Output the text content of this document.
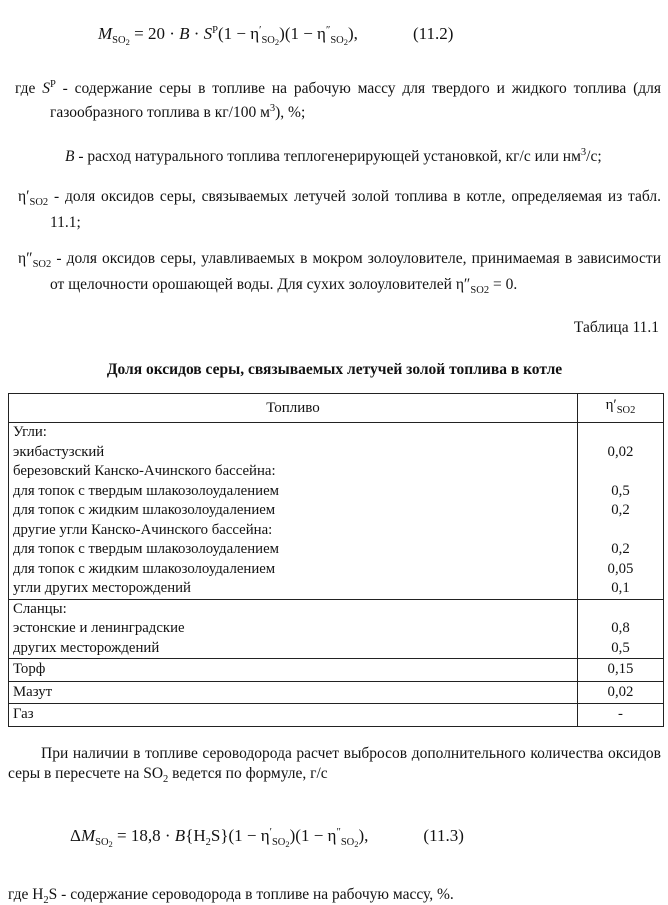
$M_{SO2} = 20 \cdot B \cdot S^Р(1 - \eta'_{SO2})(1 - \eta''_{SO2})$,	(11.2)

где $S^Р$ - содержание серы в топливе на рабочую массу для твердого и жидкого топлива (для газообразного топлива в кг/100 $м^3$), %;

B - расход натурального топлива теплогенерирующей установкой, кг/с или $нм^3/с$;

$\eta'_{SO2}$ - доля оксидов серы, связываемых летучей золой топлива в котле, определяемая из табл. 11.1;

$\eta''_{SO2}$ - доля оксидов серы, улавливаемых в мокром золоуловителе, принимаемая в зависимости от щелочности орошающей воды. Для сухих золоуловителей $\eta''_{SO2} = 0$.

Таблица 11.1
Доля оксидов серы, связываемых летучей золой топлива в котле
Топливо	$\eta'_{SO2}$
Угли:	
экибастузский	0,02
березовский Канско-Ачинского бассейна:	
для топок с твердым шлакозолоудалением	0,5
для топок с жидким шлакозолоудалением	0,2
другие угли Канско-Ачинского бассейна:	
для топок с твердым шлакозолоудалением	0,2
для топок с жидким шлакозолоудалением	0,05
угли других месторождений	0,1
Сланцы:	
эстонские и ленинградские	0,8
других месторождений	0,5
Торф	0,15
Мазут	0,02
Газ	-

При наличии в топливе сероводорода расчет выбросов дополнительного количества оксидов серы в пересчете на $SO_2$ ведется по формуле, г/с

$\Delta M_{SO2} = 18,8 \cdot B\{H_2S\}(1 - \eta'_{SO2})(1 - \eta''_{SO2})$,	(11.3)

где $H_2S$ - содержание сероводорода в топливе на рабочую массу, %.
